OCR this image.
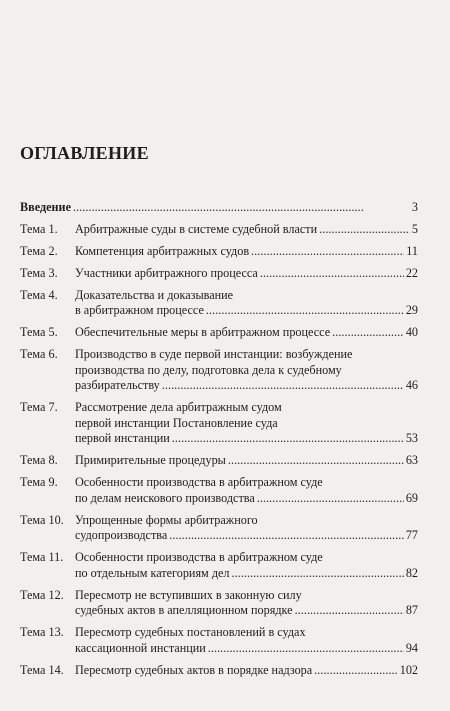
ОГЛАВЛЕНИЕ
Введение . . .	3
Тема 1.	Арбитражные суды в системе судебной власти . . .	5
Тема 2.	Компетенция арбитражных судов . . .	11
Тема 3.	Участники арбитражного процесса . . .	22
Тема 4.	Доказательства и доказывание
в арбитражном процессе . . .	29
Тема 5.	Обеспечительные меры в арбитражном процессе . . .	40
Тема 6.	Производство в суде первой инстанции: возбуждение
производства по делу, подготовка дела к судебному
разбирательству . . .	46
Тема 7.	Рассмотрение дела арбитражным судом
первой инстанции Постановление суда
первой инстанции . . .	53
Тема 8.	Примирительные процедуры . . .	63
Тема 9.	Особенности производства в арбитражном суде
по делам неискового производства . . .	69
Тема 10. Упрощенные формы арбитражного
судопроизводства . . .	77
Тема 11. Особенности производства в арбитражном суде
по отдельным категориям дел . . .	82
Тема 12. Пересмотр не вступивших в законную силу
судебных актов в апелляционном порядке . . .	87
Тема 13. Пересмотр судебных постановлений в судах
кассационной инстанции . . .	94
Тема 14. Пересмотр судебных актов в порядке надзора . . .	102
